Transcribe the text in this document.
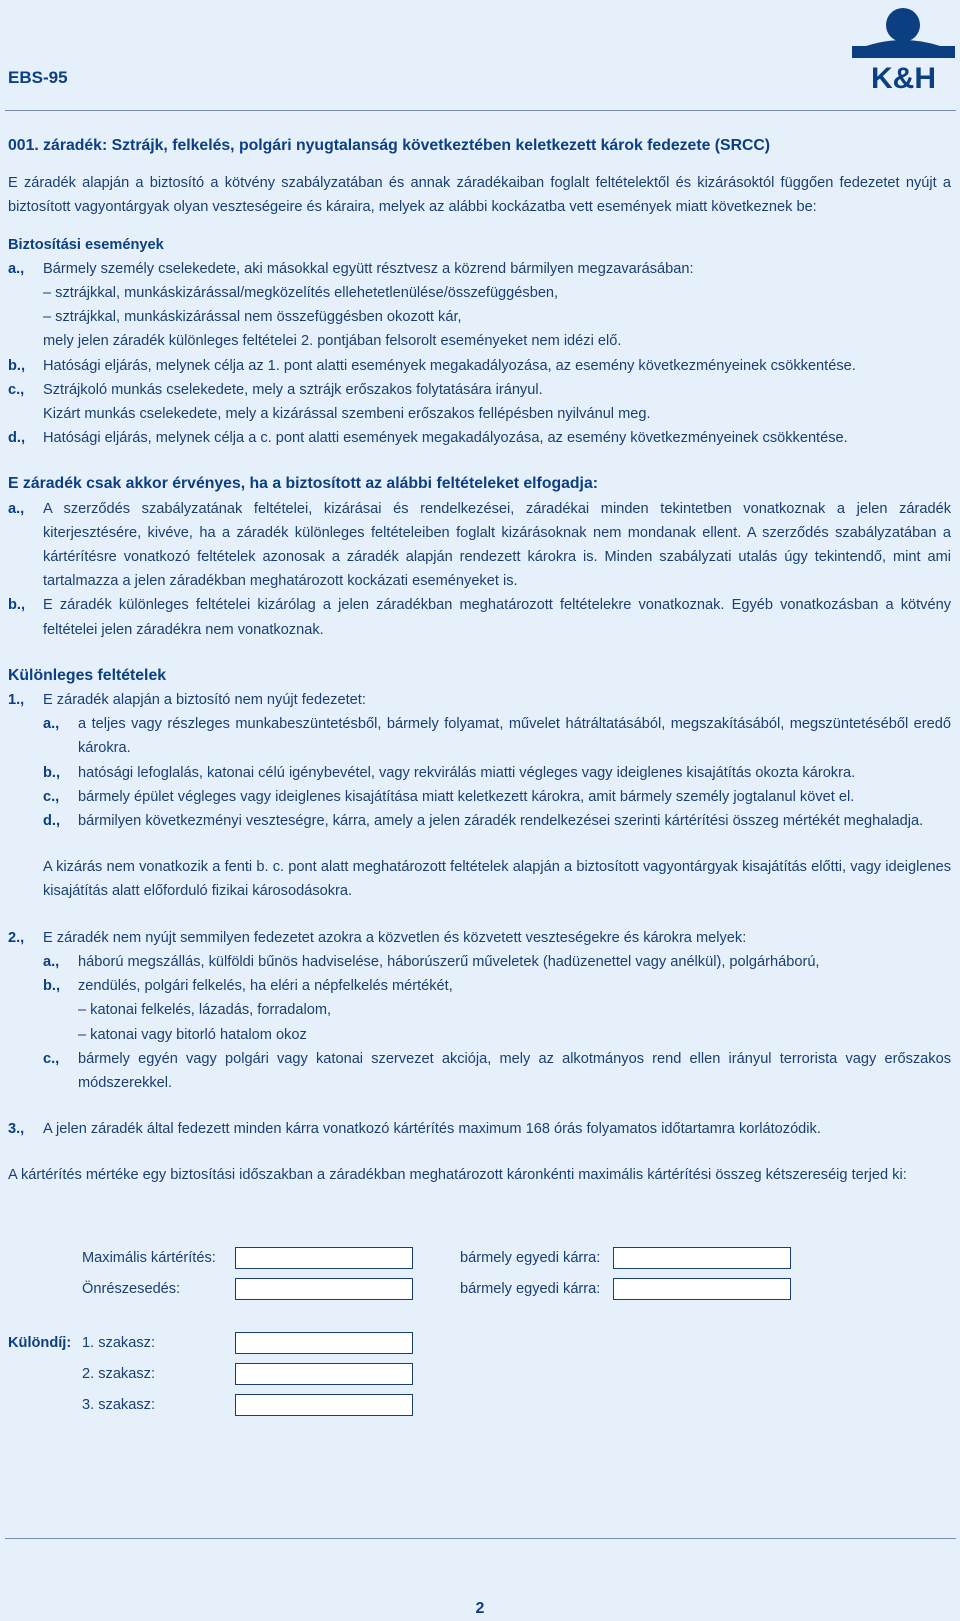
EBS-95	K&H

001. záradék: Sztrájk, felkelés, polgári nyugtalanság következtében keletkezett károk fedezete (SRCC)

E záradék alapján a biztosító a kötvény szabályzatában és annak záradékaiban foglalt feltételektől és kizárásoktól függően fedezetet nyújt a biztosított vagyontárgyak olyan veszteségeire és káraira, melyek az alábbi kockázatba vett események miatt következnek be:

Biztosítási események

a.,	Bármely személy cselekedete, aki másokkal együtt résztvesz a közrend bármilyen megzavarásában:

– sztrájkkal, munkáskizárással/megközelítés ellehetetlenülése/összefüggésben,

– sztrájkkal, munkáskizárással nem összefüggésben okozott kár,

mely jelen záradék különleges feltételei 2. pontjában felsorolt eseményeket nem idézi elő.

b.,	Hatósági eljárás, melynek célja az 1. pont alatti események megakadályozása, az esemény következményeinek csökkentése.
c.,	Sztrájkoló munkás cselekedete, mely a sztrájk erőszakos folytatására irányul.

Kizárt munkás cselekedete, mely a kizárással szembeni erőszakos fellépésben nyilvánul meg.

d.,	Hatósági eljárás, melynek célja a c. pont alatti események megakadályozása, az esemény következményeinek csökkentése.

E záradék csak akkor érvényes, ha a biztosított az alábbi feltételeket elfogadja:

a.,	A szerződés szabályzatának feltételei, kizárásai és rendelkezései, záradékai minden tekintetben vonatkoznak a jelen záradék kiterjesztésére, kivéve, ha a záradék különleges feltételeiben foglalt kizárásoknak nem mondanak ellent. A szerződés szabályzatában a kártérítésre vonatkozó feltételek azonosak a záradék alapján rendezett károkra is. Minden szabályzati utalás úgy tekintendő, mint ami tartalmazza a jelen záradékban meghatározott kockázati eseményeket is.
b.,	E záradék különleges feltételei kizárólag a jelen záradékban meghatározott feltételekre vonatkoznak. Egyéb vonatkozásban a kötvény feltételei jelen záradékra nem vonatkoznak.

Különleges feltételek

1.,	E záradék alapján a biztosító nem nyújt fedezetet:
a.,	a teljes vagy részleges munkabeszüntetésből, bármely folyamat, művelet hátráltatásából, megszakításából, megszüntetéséből eredő károkra.
b.,	hatósági lefoglalás, katonai célú igénybevétel, vagy rekvirálás miatti végleges vagy ideiglenes kisajátítás okozta károkra.
c.,	bármely épület végleges vagy ideiglenes kisajátítása miatt keletkezett károkra, amit bármely személy jogtalanul követ el.
d.,	bármilyen következményi veszteségre, kárra, amely a jelen záradék rendelkezései szerinti kártérítési összeg mértékét meghaladja.

A kizárás nem vonatkozik a fenti b. c. pont alatt meghatározott feltételek alapján a biztosított vagyontárgyak kisajátítás előtti, vagy ideiglenes kisajátítás alatt előforduló fizikai károsodásokra.

2.,	E záradék nem nyújt semmilyen fedezetet azokra a közvetlen és közvetett veszteségekre és károkra melyek:
a.,	háború megszállás, külföldi bűnös hadviselése, háborúszerű műveletek (hadüzenettel vagy anélkül), polgárháború,
b.,	zendülés, polgári felkelés, ha eléri a népfelkelés mértékét,

– katonai felkelés, lázadás, forradalom,

– katonai vagy bitorló hatalom okoz

c.,	bármely egyén vagy polgári vagy katonai szervezet akciója, mely az alkotmányos rend ellen irányul terrorista vagy erőszakos módszerekkel.
3.,	A jelen záradék által fedezett minden kárra vonatkozó kártérítés maximum 168 órás folyamatos időtartamra korlátozódik.

A kártérítés mértéke egy biztosítási időszakban a záradékban meghatározott káronkénti maximális kártérítési összeg kétszereséig terjed ki:

Maximális kártérítés:	bármely egyedi kárra:
Önrészesedés:	bármely egyedi kárra:
Különdíj: 1. szakasz:
2. szakasz:
3. szakasz:
2
